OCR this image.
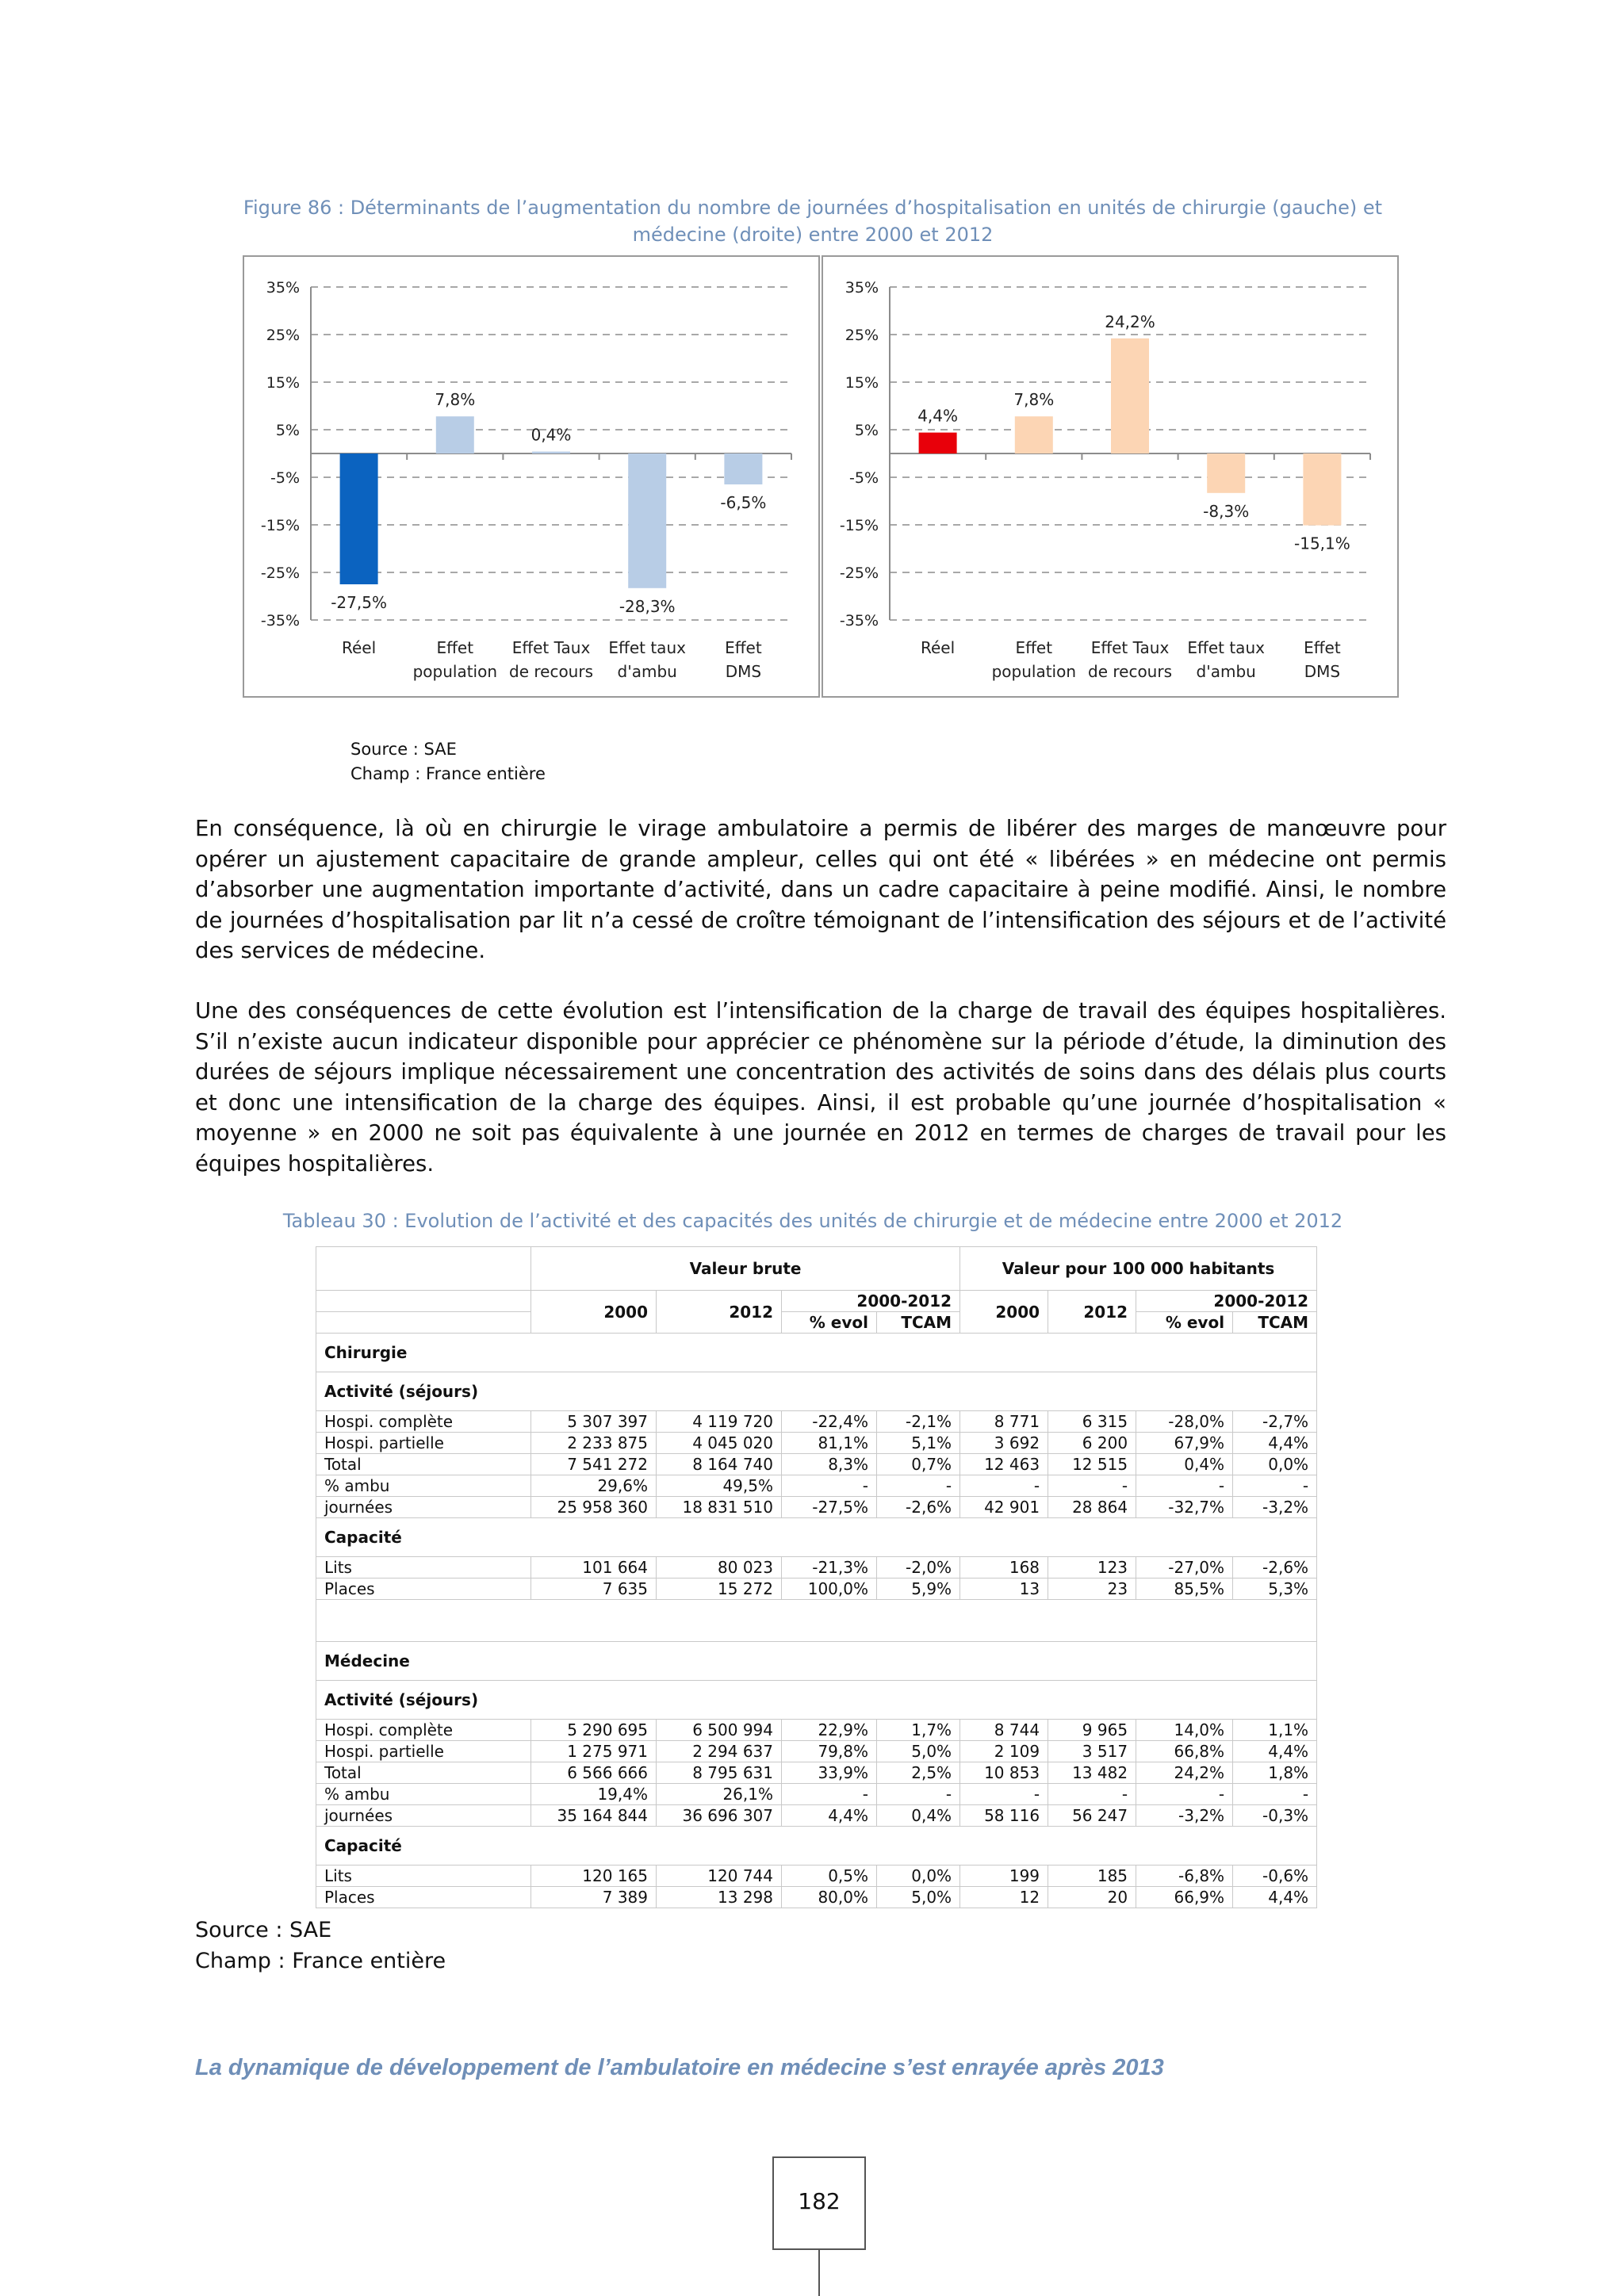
Figure 86 : Déterminants de l’augmentation du nombre de journées d’hospitalisation en unités de chirurgie (gauche) et médecine (droite) entre 2000 et 2012
35%
25%
15%
5%
-5%
-15%
-25%
-35%
-27,5%
Réel
7,8%
Effet population
0,4%
Effet Taux de recours
-28,3%
Effet taux d'ambu
-6,5%
Effet DMS
35%
25%
15%
5%
-5%
-15%
-25%
-35%
4,4%
Réel
7,8%
Effet population
24,2%
Effet Taux de recours
-8,3%
Effet taux d'ambu
-15,1%
Effet DMS
Source : SAE
Champ : France entière
En conséquence, là où en chirurgie le virage ambulatoire a permis de libérer des marges de manœuvre pour opérer un ajustement capacitaire de grande ampleur, celles qui ont été « libérées » en médecine ont permis d’absorber une augmentation importante d’activité, dans un cadre capacitaire à peine modifié. Ainsi, le nombre de journées d’hospitalisation par lit n’a cessé de croître témoignant de l’intensification des séjours et de l’activité des services de médecine.
Une des conséquences de cette évolution est l’intensification de la charge de travail des équipes hospitalières. S’il n’existe aucun indicateur disponible pour apprécier ce phénomène sur la période d’étude, la diminution des durées de séjours implique nécessairement une concentration des activités de soins dans des délais plus courts et donc une intensification de la charge des équipes. Ainsi, il est probable qu’une journée d’hospitalisation « moyenne » en 2000 ne soit pas équivalente à une journée en 2012 en termes de charges de travail pour les équipes hospitalières.
Tableau 30 : Evolution de l’activité et des capacités des unités de chirurgie et de médecine entre 2000 et 2012
	Valeur brute				Valeur pour 100 000 habitants			
	2000	2012	2000-2012		2000	2012	2000-2012	
			% evol	TCAM			% evol	TCAM
Chirurgie								
Activité (séjours)								
Hospi. complète	5 307 397	4 119 720	-22,4%	-2,1%	8 771	6 315	-28,0%	-2,7%
Hospi. partielle	2 233 875	4 045 020	81,1%	5,1%	3 692	6 200	67,9%	4,4%
Total	7 541 272	8 164 740	8,3%	0,7%	12 463	12 515	0,4%	0,0%
% ambu	29,6%	49,5%	-	-	-	-	-	-
journées	25 958 360	18 831 510	-27,5%	-2,6%	42 901	28 864	-32,7%	-3,2%
Capacité								
Lits	101 664	80 023	-21,3%	-2,0%	168	123	-27,0%	-2,6%
Places	7 635	15 272	100,0%	5,9%	13	23	85,5%	5,3%

Médecine								
Activité (séjours)								
Hospi. complète	5 290 695	6 500 994	22,9%	1,7%	8 744	9 965	14,0%	1,1%
Hospi. partielle	1 275 971	2 294 637	79,8%	5,0%	2 109	3 517	66,8%	4,4%
Total	6 566 666	8 795 631	33,9%	2,5%	10 853	13 482	24,2%	1,8%
% ambu	19,4%	26,1%	-	-	-	-	-	-
journées	35 164 844	36 696 307	4,4%	0,4%	58 116	56 247	-3,2%	-0,3%
Capacité								
Lits	120 165	120 744	0,5%	0,0%	199	185	-6,8%	-0,6%
Places	7 389	13 298	80,0%	5,0%	12	20	66,9%	4,4%
Source : SAE
Champ : France entière
La dynamique de développement de l’ambulatoire en médecine s’est enrayée après 2013
182
